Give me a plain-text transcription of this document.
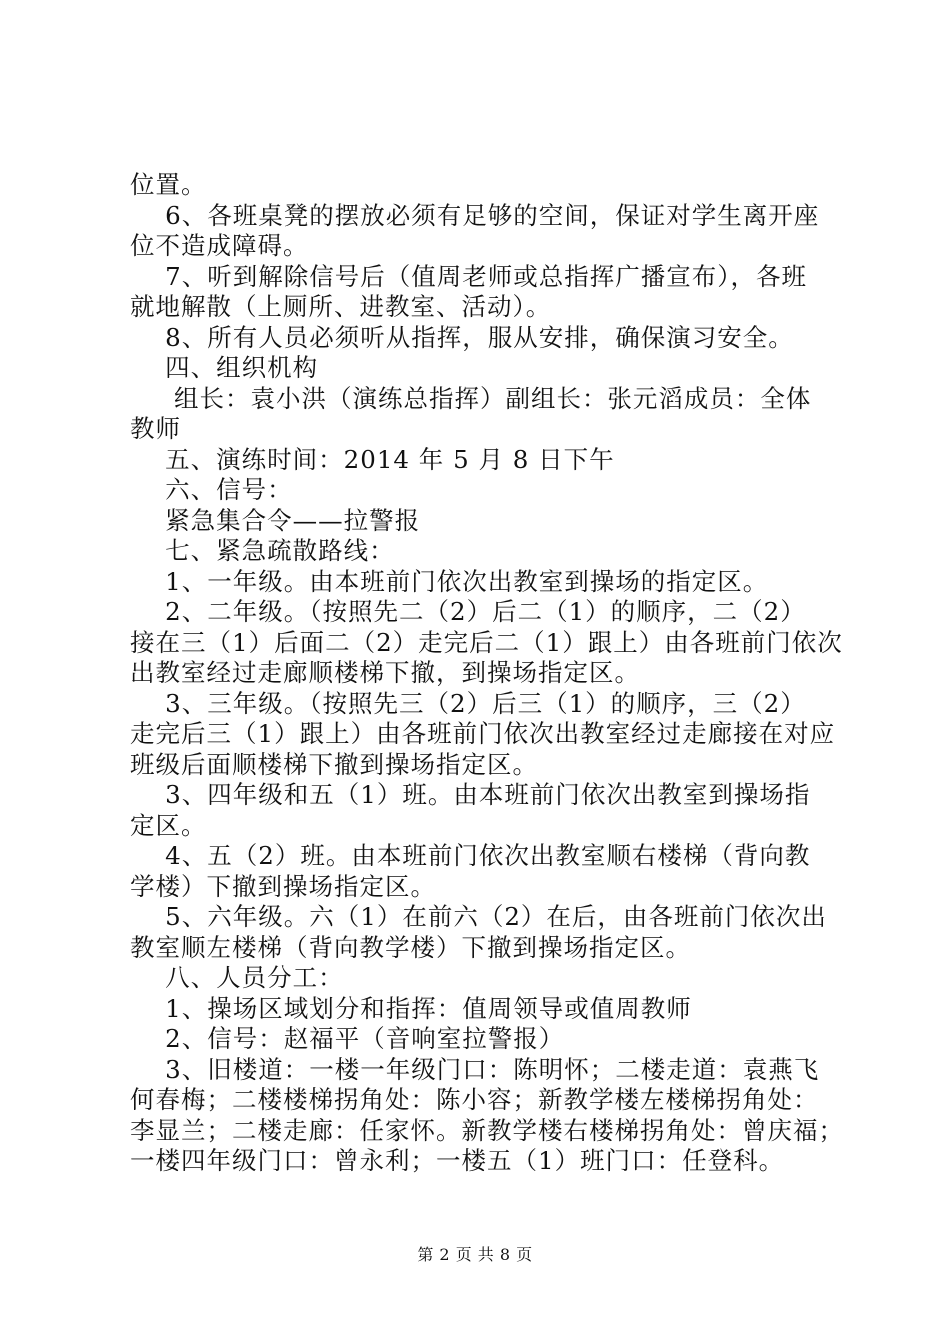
位置。
6、各班桌凳的摆放必须有足够的空间，保证对学生离开座
位不造成障碍。
7、听到解除信号后（值周老师或总指挥广播宣布），各班
就地解散（上厕所、进教室、活动）。
8、所有人员必须听从指挥，服从安排，确保演习安全。
四、组织机构
组长：袁小洪（演练总指挥）副组长：张元滔成员：全体
教师
五、演练时间：2014 年 5 月 8 日下午
六、信号：
紧急集合令——拉警报
七、紧急疏散路线：
1、一年级。由本班前门依次出教室到操场的指定区。
2、二年级。（按照先二（2）后二（1）的顺序，二（2）
接在三（1）后面二（2）走完后二（1）跟上）由各班前门依次
出教室经过走廊顺楼梯下撤，到操场指定区。
3、三年级。（按照先三（2）后三（1）的顺序，三（2）
走完后三（1）跟上）由各班前门依次出教室经过走廊接在对应
班级后面顺楼梯下撤到操场指定区。
3、四年级和五（1）班。由本班前门依次出教室到操场指
定区。
4、五（2）班。由本班前门依次出教室顺右楼梯（背向教
学楼）下撤到操场指定区。
5、六年级。六（1）在前六（2）在后，由各班前门依次出
教室顺左楼梯（背向教学楼）下撤到操场指定区。
八、人员分工：
1、操场区域划分和指挥：值周领导或值周教师
2、信号：赵福平（音响室拉警报）
3、旧楼道：一楼一年级门口：陈明怀；二楼走道：袁燕飞
何春梅；二楼楼梯拐角处：陈小容；新教学楼左楼梯拐角处：
李显兰；二楼走廊：任家怀。新教学楼右楼梯拐角处：曾庆福；
一楼四年级门口：曾永利；一楼五（1）班门口：任登科。
第 2 页 共 8 页
